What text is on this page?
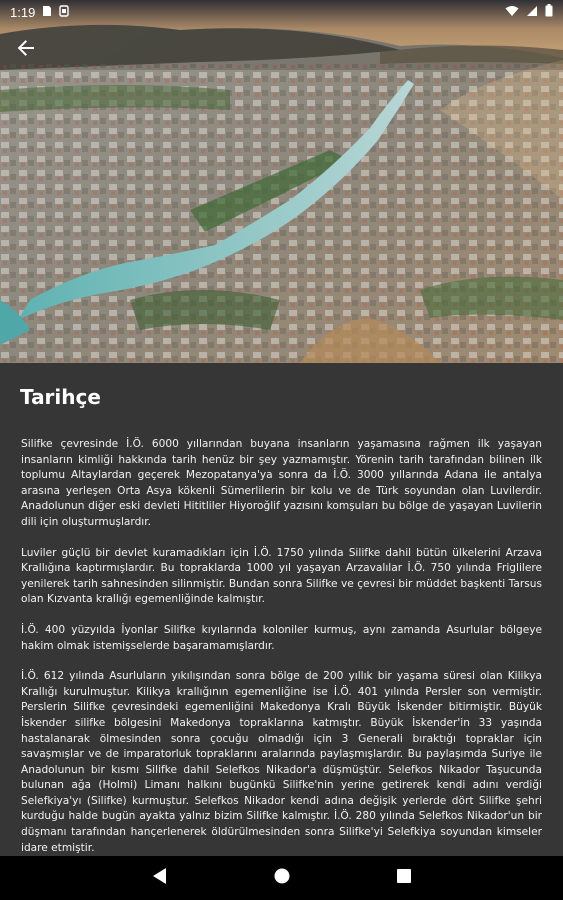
1:19
Tarihçe

Silifke çevresinde İ.Ö. 6000 yıllarından buyana insanların yaşamasına rağmen ilk yaşayan insanların kimliği hakkında tarih henüz bir şey yazmamıştır. Yörenin tarih tarafından bilinen ilk toplumu Altaylardan geçerek Mezopatanya'ya sonra da İ.Ö. 3000 yıllarında Adana ile antalya arasına yerleşen Orta Asya kökenli Sümerlilerin bir kolu ve de Türk soyundan olan Luvilerdir. Anadolunun diğer eski devleti Hititliler Hiyoroğlif yazısını komşuları bu bölge de yaşayan Luvilerin dili için oluşturmuşlardır.

Luviler güçlü bir devlet kuramadıkları için İ.Ö. 1750 yılında Silifke dahil bütün ülkelerini Arzava Krallığına kaptırmışlardır. Bu topraklarda 1000 yıl yaşayan Arzavalılar İ.Ö. 750 yılında Friglilere yenilerek tarih sahnesinden silinmiştir. Bundan sonra Silifke ve çevresi bir müddet başkenti Tarsus olan Kızvanta krallığı egemenliğinde kalmıştır.

İ.Ö. 400 yüzyılda İyonlar Silifke kıyılarında koloniler kurmuş, aynı zamanda Asurlular bölgeye hakim olmak istemişselerde başaramamışlardır.

İ.Ö. 612 yılında Asurluların yıkılışından sonra bölge de 200 yıllık bir yaşama süresi olan Kilikya Krallığı kurulmuştur. Kilikya krallığının egemenliğine ise İ.Ö. 401 yılında Persler son vermiştir. Perslerin Silifke çevresindeki egemenliğini Makedonya Kralı Büyük İskender bitirmiştir. Büyük İskender silifke bölgesini Makedonya topraklarına katmıştır. Büyük İskender'in 33 yaşında hastalanarak ölmesinden sonra çocuğu olmadığı için 3 Generali bıraktığı topraklar için savaşmışlar ve de imparatorluk topraklarını aralarında paylaşmışlardır. Bu paylaşımda Suriye ile Anadolunun bir kısmı Silifke dahil Selefkos Nikador'a düşmüştür. Selefkos Nikador Taşucunda bulunan ağa (Holmi) Limanı halkını bugünkü Silifke'nin yerine getirerek kendi adını verdiği Selefkiya'yı (Silifke) kurmuştur. Selefkos Nikador kendi adına değişik yerlerde dört Silifke şehri kurduğu halde bugün ayakta yalnız bizim Silifke kalmıştır. İ.Ö. 280 yılında Selefkos Nikador'un bir düşmanı tarafından hançerlenerek öldürülmesinden sonra Silifke'yi Selefkiya soyundan kimseler idare etmiştir.
